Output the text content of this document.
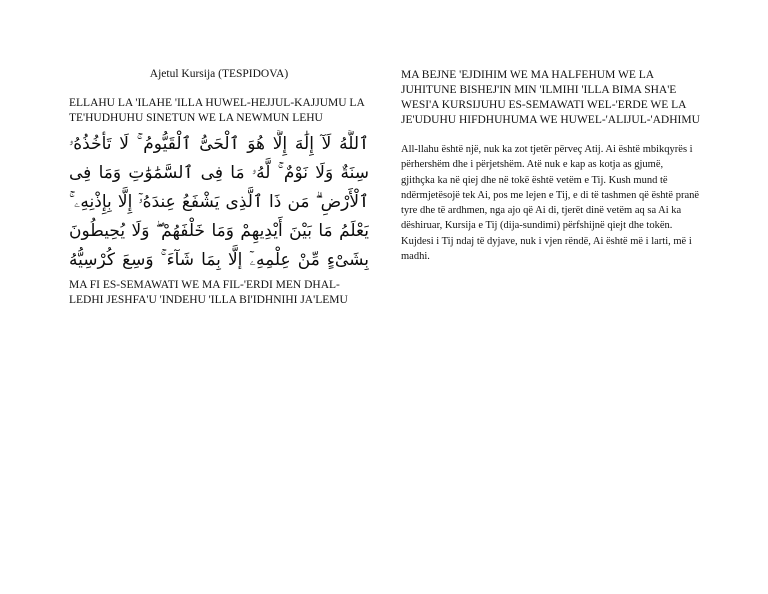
Ajetul Kursija (TESPIDOVA)

ELLAHU LA 'ILAHE 'ILLA HUWEL-HEJJUL-KAJJUMU LA TE'HUDHUHU SINETUN WE LA NEWMUN LEHU

ٱللَّهُ لَآ إِلَٰهَ إِلَّا هُوَ ٱلْحَىُّ ٱلْقَيُّومُ ۚ لَا تَأْخُذُهُۥ سِنَةٌ وَلَا نَوْمٌ ۚ لَّهُۥ مَا فِى ٱلسَّمَٰوَٰتِ وَمَا فِى ٱلْأَرْضِ ۗ مَن ذَا ٱلَّذِى يَشْفَعُ عِندَهُۥٓ إِلَّا بِإِذْنِهِۦ ۚ يَعْلَمُ مَا بَيْنَ أَيْدِيهِمْ وَمَا خَلْفَهُمْ ۖ وَلَا يُحِيطُونَ بِشَىْءٍ مِّنْ عِلْمِهِۦٓ إِلَّا بِمَا شَآءَ ۚ وَسِعَ كُرْسِيُّهُ

MA FI ES-SEMAWATI WE MA FIL-'ERDI MEN DHAL-LEDHI JESHFA'U 'INDEHU 'ILLA BI'IDHNIHI JA'LEMU

MA BEJNE 'EJDIHIM WE MA HALFEHUM WE LA JUHITUNE BISHEJ'IN MIN 'ILMIHI 'ILLA BIMA SHA'E WESI'A KURSIJUHU ES-SEMAWATI WEL-'ERDE WE LA JE'UDUHU HIFDHUHUMA WE HUWEL-'ALIJUL-'ADHIMU

All-llahu është një, nuk ka zot tjetër përveç Atij. Ai është mbikqyrës i përhershëm dhe i përjetshëm. Atë nuk e kap as kotja as gjumë, gjithçka ka në qiej dhe në tokë është vetëm e Tij. Kush mund të ndërmjetësojë tek Ai, pos me lejen e Tij, e di të tashmen që është pranë tyre dhe të ardhmen, nga ajo që Ai di, tjerët dinë vetëm aq sa Ai ka dëshiruar, Kursija e Tij (dija-sundimi) përfshijnë qiejt dhe tokën. Kujdesi i Tij ndaj të dyjave, nuk i vjen rëndë, Ai është më i larti, më i madhi.
